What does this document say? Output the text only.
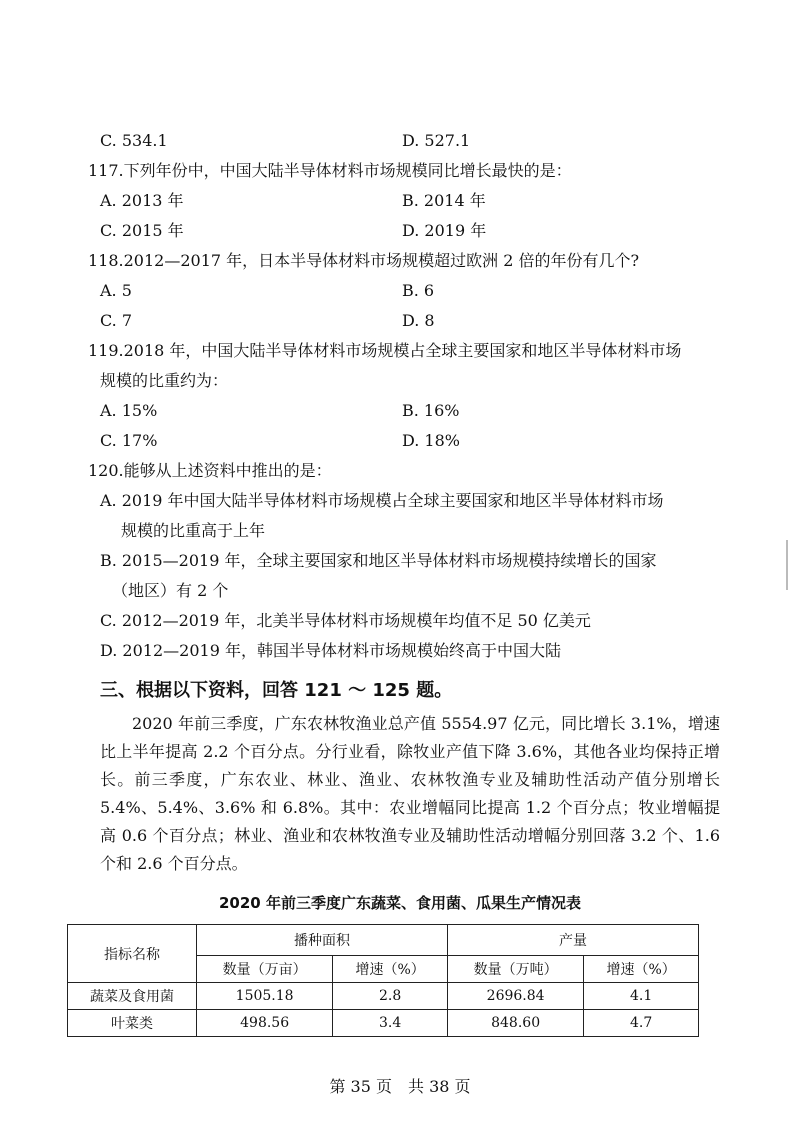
C. 534.1	D. 527.1
117.下列年份中，中国大陆半导体材料市场规模同比增长最快的是：
A. 2013 年	B. 2014 年
C. 2015 年	D. 2019 年
118.2012—2017 年，日本半导体材料市场规模超过欧洲 2 倍的年份有几个?
A. 5	B. 6
C. 7	D. 8
119.2018 年，中国大陆半导体材料市场规模占全球主要国家和地区半导体材料市场
规模的比重约为：
A. 15%	B. 16%
C. 17%	D. 18%
120.能够从上述资料中推出的是：
A. 2019 年中国大陆半导体材料市场规模占全球主要国家和地区半导体材料市场
规模的比重高于上年
B. 2015—2019 年，全球主要国家和地区半导体材料市场规模持续增长的国家
（地区）有 2 个
C. 2012—2019 年，北美半导体材料市场规模年均值不足 50 亿美元
D. 2012—2019 年，韩国半导体材料市场规模始终高于中国大陆
三、根据以下资料，回答 121 ～ 125 题。
2020 年前三季度，广东农林牧渔业总产值 5554.97 亿元，同比增长 3.1%，增速比上半年提高 2.2 个百分点。分行业看，除牧业产值下降 3.6%，其他各业均保持正增长。前三季度，广东农业、林业、渔业、农林牧渔专业及辅助性活动产值分别增长 5.4%、5.4%、3.6% 和 6.8%。其中：农业增幅同比提高 1.2 个百分点；牧业增幅提高 0.6 个百分点；林业、渔业和农林牧渔专业及辅助性活动增幅分别回落 3.2 个、1.6 个和 2.6 个百分点。
2020 年前三季度广东蔬菜、食用菌、瓜果生产情况表
指标名称	播种面积		产量	
	数量（万亩）	增速（%）	数量（万吨）	增速（%）
蔬菜及食用菌	1505.18	2.8	2696.84	4.1
叶菜类	498.56	3.4	848.60	4.7
第 35 页　共 38 页
